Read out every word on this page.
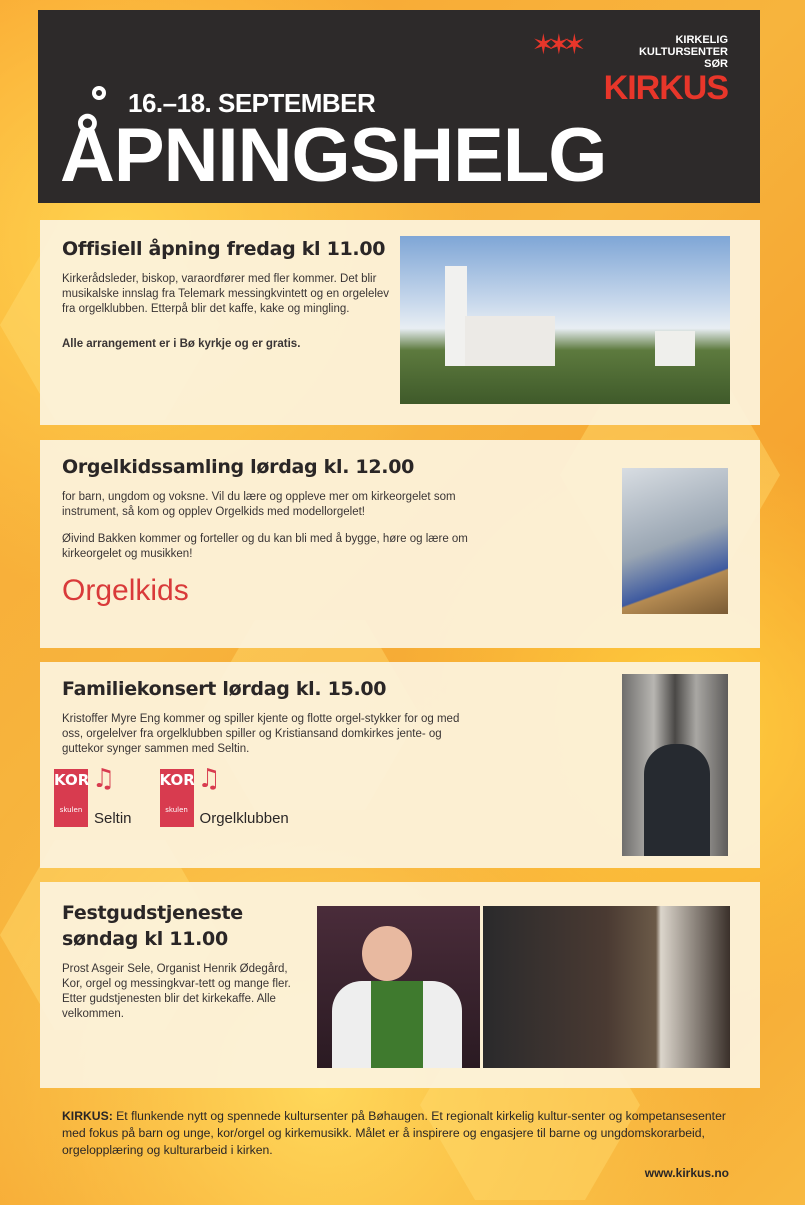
16.–18. SEPTEMBER
ÅPNINGSHELG
✶✶✶	KIRKELIG
KULTURSENTER
SØR
KIRKUS
Offisiell åpning fredag kl 11.00

Kirkerådsleder, biskop, varaordfører med fler kommer. Det blir musikalske innslag fra Telemark messingkvintett og en orgelelev fra orgelklubben. Etterpå blir det kaffe, kake og mingling.

Alle arrangement er i Bø kyrkje og er gratis.

Orgelkidssamling lørdag kl. 12.00

for barn, ungdom og voksne. Vil du lære og oppleve mer om kirkeorgelet som instrument, så kom og opplev Orgelkids med modellorgelet!

Øivind Bakken kommer og forteller og du kan bli med å bygge, høre og lære om kirkeorgelet og musikken!

Orgelkids
Familiekonsert lørdag kl. 15.00

Kristoffer Myre Eng kommer og spiller kjente og flotte orgel-stykker for og med oss, orgelelver fra orgelklubben spiller og Kristiansand domkirkes jente- og guttekor synger sammen med Seltin.

KOR
skulen
♫
Seltin
KOR
skulen
♫
Orgelklubben
Festgudstjeneste søndag kl 11.00

Prost Asgeir Sele, Organist Henrik Ødegård, Kor, orgel og messingkvar-tett og mange fler. Etter gudstjenesten blir det kirkekaffe. Alle velkommen.

KIRKUS: Et flunkende nytt og spennede kultursenter på Bøhaugen. Et regionalt kirkelig kultur-senter og kompetansesenter med fokus på barn og unge, kor/orgel og kirkemusikk. Målet er å inspirere og engasjere til barne og ungdomskorarbeid, orgelopplæring og kulturarbeid i kirken.
www.kirkus.no
